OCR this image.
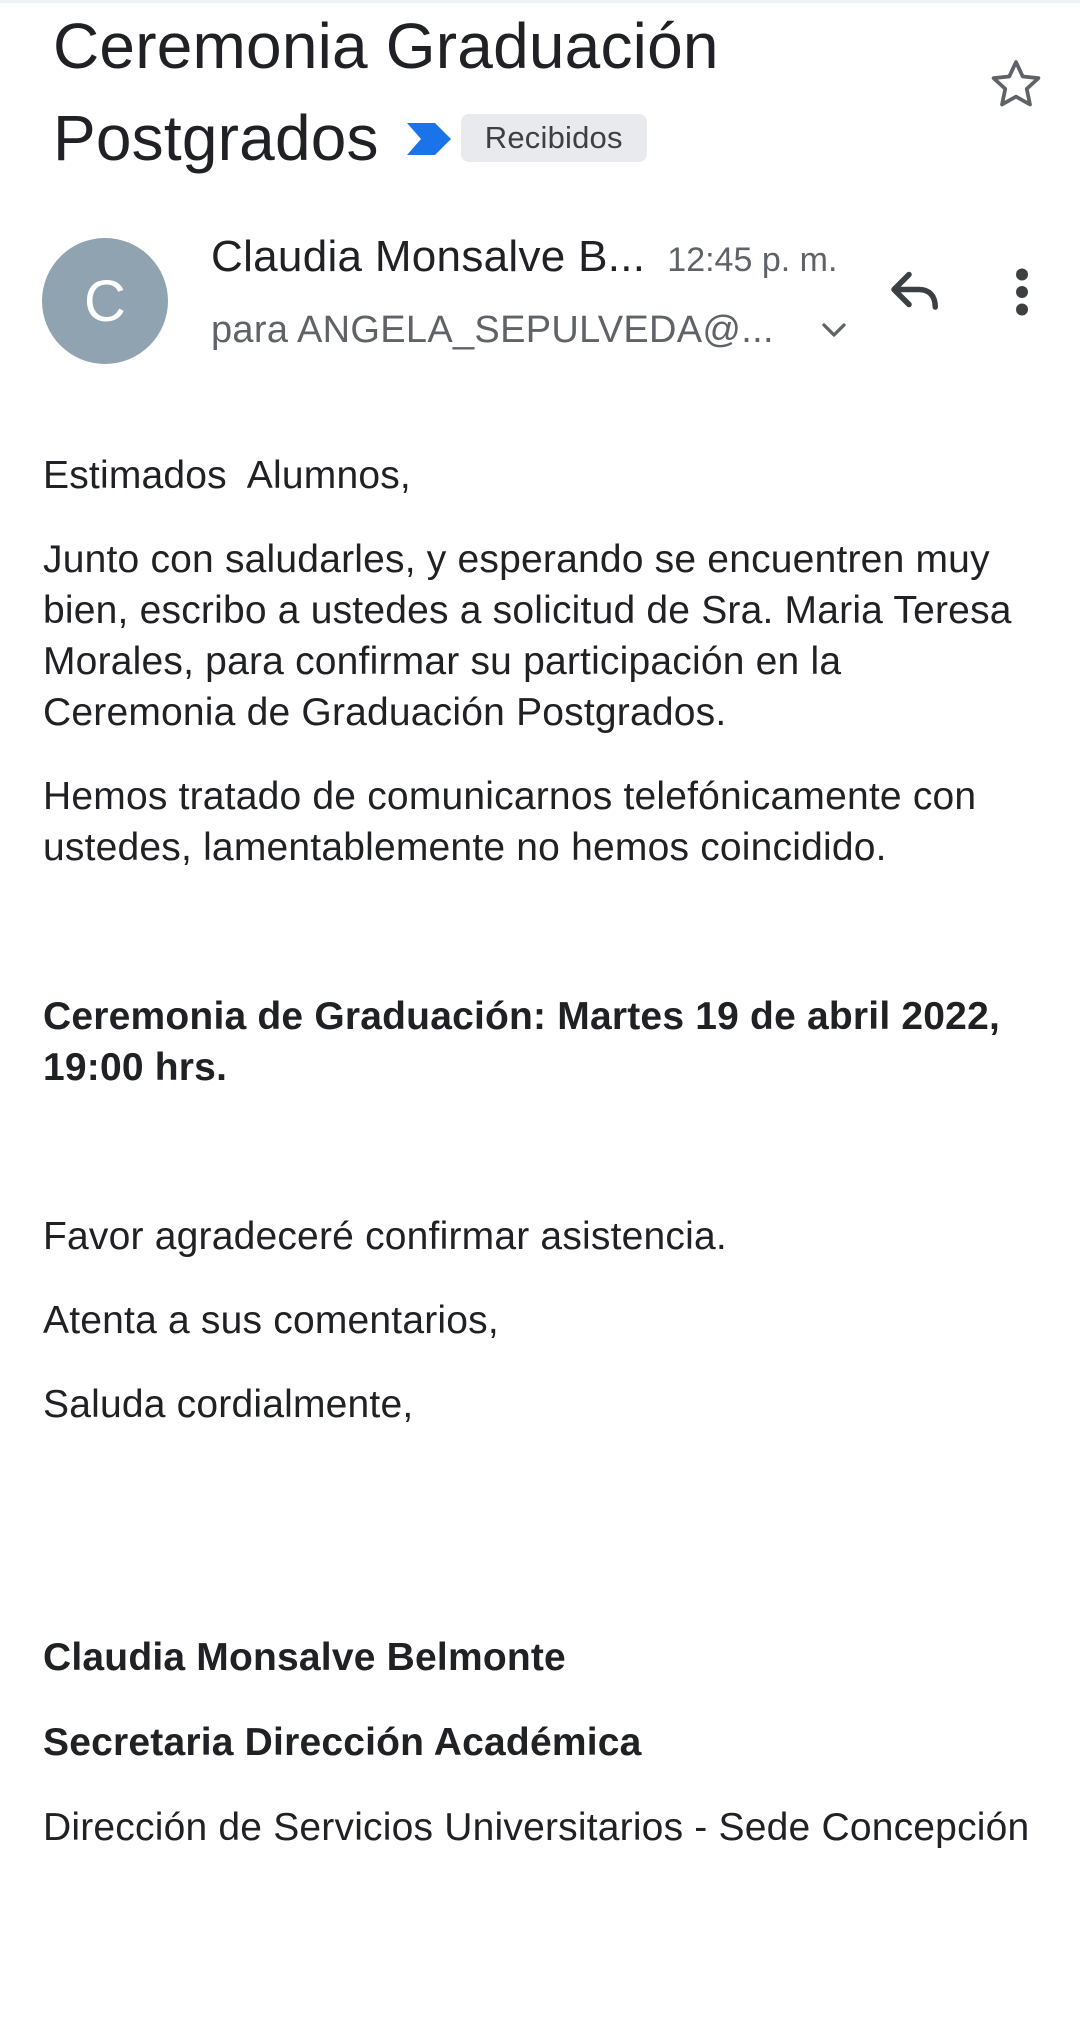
Ceremonia Graduación
Postgrados	Recibidos
C
Claudia Monsalve B... 12:45 p. m.
para ANGELA_SEPULVEDA@...

Estimados  Alumnos,

Junto con saludarles, y esperando se encuentren muy bien, escribo a ustedes a solicitud de Sra. Maria Teresa Morales, para confirmar su participación en la Ceremonia de Graduación Postgrados.

Hemos tratado de comunicarnos telefónicamente con ustedes, lamentablemente no hemos coincidido.

Ceremonia de Graduación: Martes 19 de abril 2022, 19:00 hrs.

Favor agradeceré confirmar asistencia.

Atenta a sus comentarios,

Saluda cordialmente,

Claudia Monsalve Belmonte

Secretaria Dirección Académica

Dirección de Servicios Universitarios - Sede Concepción
